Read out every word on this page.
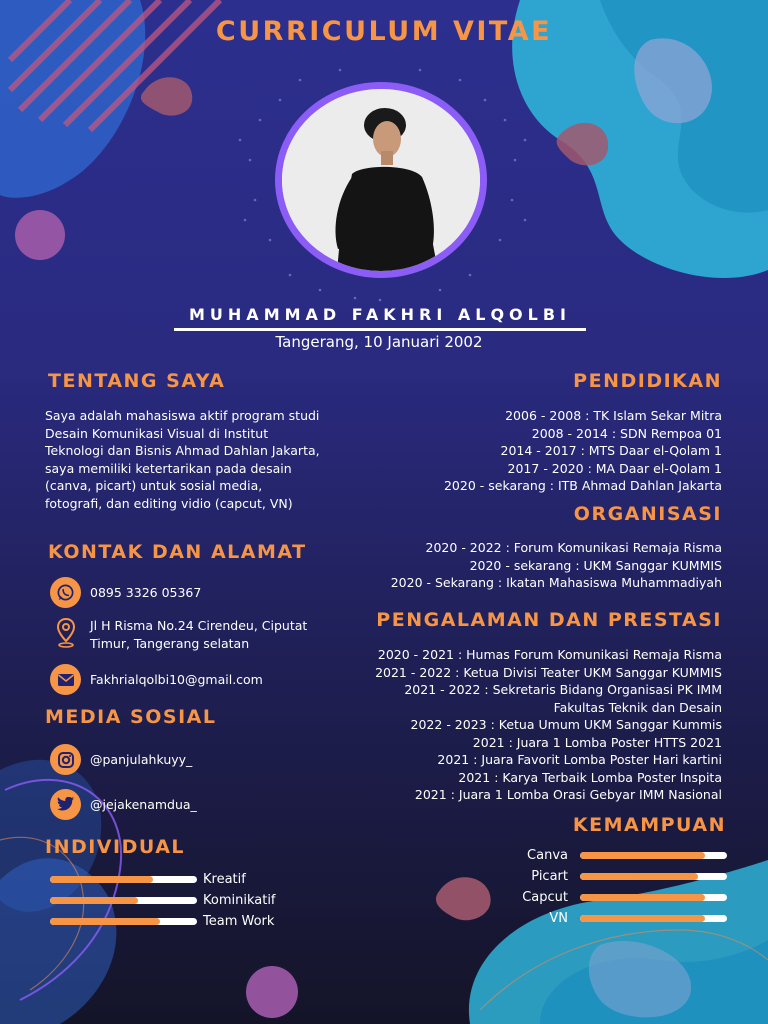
CURRICULUM VITAE
MUHAMMAD FAKHRI ALQOLBI
Tangerang, 10 Januari 2002
TENTANG SAYA
Saya adalah mahasiswa aktif program studi Desain Komunikasi Visual di Institut Teknologi dan Bisnis Ahmad Dahlan Jakarta, saya memiliki ketertarikan pada desain (canva, picart) untuk sosial media, fotografi, dan editing vidio (capcut, VN)
KONTAK DAN ALAMAT
0895 3326 05367
Jl H Risma No.24 Cirendeu, Ciputat Timur, Tangerang selatan
Fakhrialqolbi10@gmail.com
MEDIA SOSIAL
@panjulahkuyy_
@jejakenamdua_
INDIVIDUAL
Kreatif
Kominikatif
Team Work
PENDIDIKAN
2006 - 2008 : TK Islam Sekar Mitra
2008 - 2014 : SDN Rempoa 01
2014 - 2017 : MTS Daar el-Qolam 1
2017 - 2020 : MA Daar el-Qolam 1
2020 - sekarang : ITB Ahmad Dahlan Jakarta
ORGANISASI
2020 - 2022 : Forum Komunikasi Remaja Risma
2020 - sekarang : UKM Sanggar KUMMIS
2020 - Sekarang : Ikatan Mahasiswa Muhammadiyah
PENGALAMAN DAN PRESTASI
2020 - 2021 : Humas Forum Komunikasi Remaja Risma
2021 - 2022 : Ketua Divisi Teater UKM Sanggar KUMMIS
2021 - 2022 : Sekretaris Bidang Organisasi PK IMM
Fakultas Teknik dan Desain
2022 - 2023 : Ketua Umum UKM Sanggar Kummis
2021 : Juara 1 Lomba Poster HTTS 2021
2021 : Juara Favorit Lomba Poster Hari kartini
2021 : Karya Terbaik Lomba Poster Inspita
2021 : Juara 1 Lomba Orasi Gebyar IMM Nasional
KEMAMPUAN
Canva
Picart
Capcut
VN
